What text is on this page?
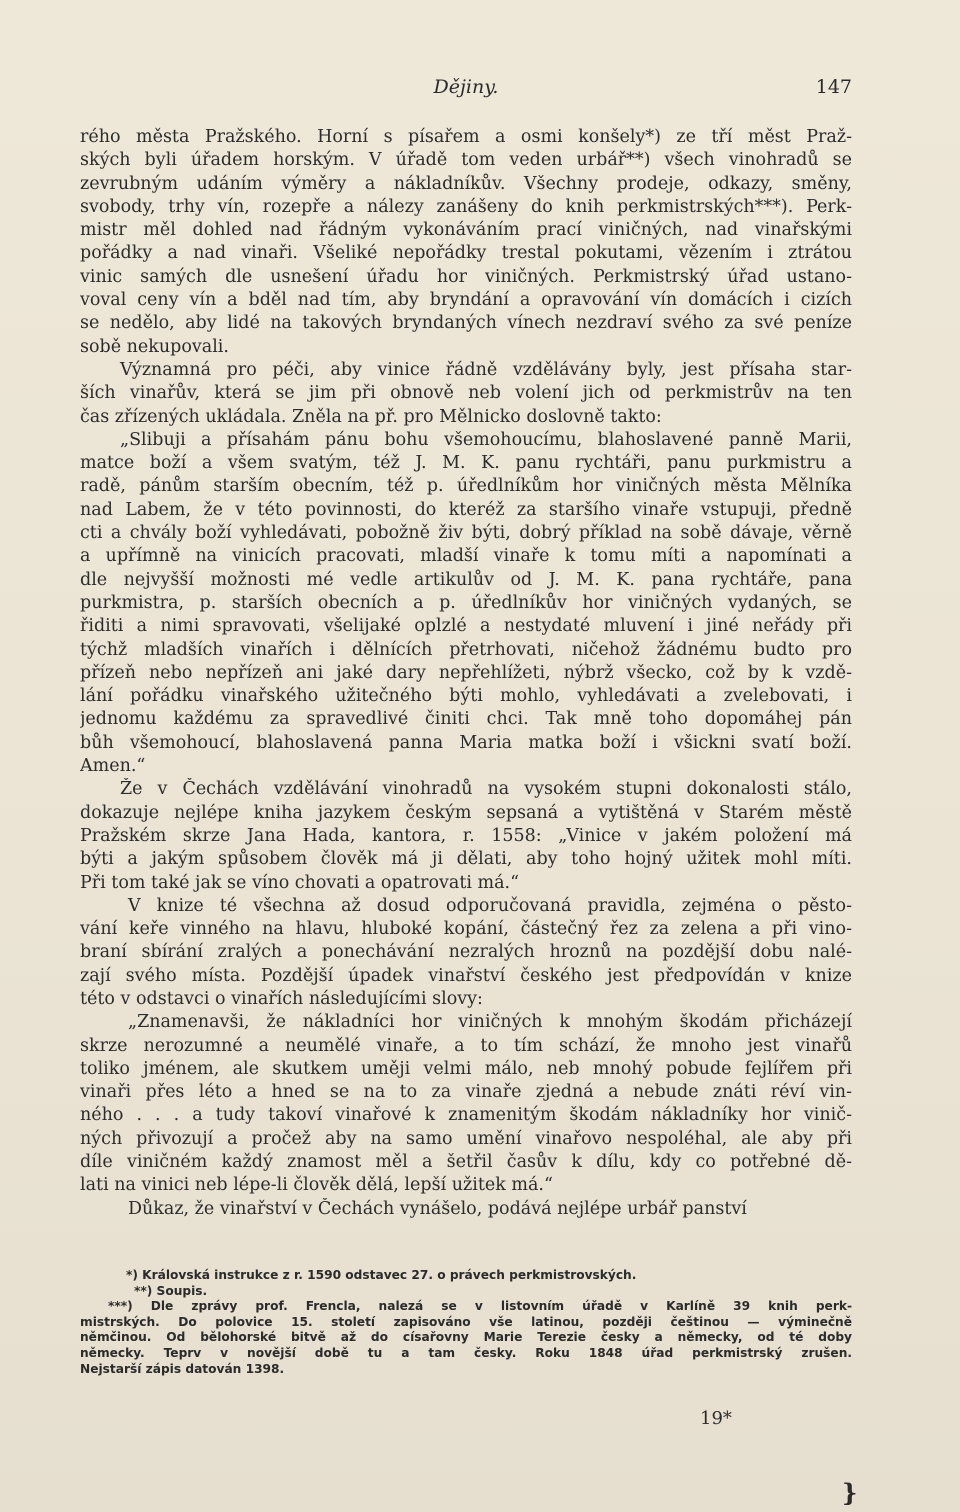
Dějiny.	147
rého města Pražského. Horní s písařem a osmi konšely*) ze tří měst Praž-
ských byli úřadem horským. V úřadě tom veden urbář**) všech vinohradů se
zevrubným udáním výměry a nákladníkův. Všechny prodeje, odkazy, směny,
svobody, trhy vín, rozepře a nálezy zanášeny do knih perkmistrských***). Perk-
mistr měl dohled nad řádným vykonáváním prací viničných, nad vinařskými
pořádky a nad vinaři. Všeliké nepořádky trestal pokutami, vězením i ztrátou
vinic samých dle usnešení úřadu hor viničných. Perkmistrský úřad ustano-
voval ceny vín a bděl nad tím, aby bryndání a opravování vín domácích i cizích
se nedělo, aby lidé na takových bryndaných vínech nezdraví svého za své peníze
sobě nekupovali.
Významná pro péči, aby vinice řádně vzdělávány byly, jest přísaha star-
ších vinařův, která se jim při obnově neb volení jich od perkmistrův na ten
čas zřízených ukládala. Zněla na př. pro Mělnicko doslovně takto:
„Slibuji a přísahám pánu bohu všemohoucímu, blahoslavené panně Marii,
matce boží a všem svatým, též J. M. K. panu rychtáři, panu purkmistru a
radě, pánům starším obecním, též p. úředlníkům hor viničných města Mělníka
nad Labem, že v této povinnosti, do kteréž za staršího vinaře vstupuji, předně
cti a chvály boží vyhledávati, pobožně živ býti, dobrý příklad na sobě dávaje, věrně
a upřímně na vinicích pracovati, mladší vinaře k tomu míti a napomínati a
dle nejvyšší možnosti mé vedle artikulův od J. M. K. pana rychtáře, pana
purkmistra, p. starších obecních a p. úředlníkův hor viničných vydaných, se
řiditi a nimi spravovati, všelijaké oplzlé a nestydaté mluvení i jiné neřády při
týchž mladších vinařích i dělnících přetrhovati, ničehož žádnému budto pro
přízeň nebo nepřízeň ani jaké dary nepřehlížeti, nýbrž všecko, což by k vzdě-
lání pořádku vinařského užitečného býti mohlo, vyhledávati a zvelebovati, i
jednomu každému za spravedlivé činiti chci. Tak mně toho dopomáhej pán
bůh všemohoucí, blahoslavená panna Maria matka boží i všickni svatí boží.
Amen.“
Že v Čechách vzdělávání vinohradů na vysokém stupni dokonalosti stálo,
dokazuje nejlépe kniha jazykem českým sepsaná a vytištěná v Starém městě
Pražském skrze Jana Hada, kantora, r. 1558: „Vinice v jakém položení má
býti a jakým spůsobem člověk má ji dělati, aby toho hojný užitek mohl míti.
Při tom také jak se víno chovati a opatrovati má.“
V knize té všechna až dosud odporučovaná pravidla, zejména o pěsto-
vání keře vinného na hlavu, hluboké kopání, částečný řez za zelena a při vino-
braní sbírání zralých a ponechávání nezralých hroznů na pozdější dobu nalé-
zají svého místa. Pozdější úpadek vinařství českého jest předpovídán v knize
této v odstavci o vinařích následujícími slovy:
„Znamenavši, že nákladníci hor viničných k mnohým škodám přicházejí
skrze nerozumné a neumělé vinaře, a to tím schází, že mnoho jest vinařů
toliko jménem, ale skutkem uměji velmi málo, neb mnohý pobude fejlířem při
vinaři přes léto a hned se na to za vinaře zjedná a nebude znáti réví vin-
ného . . . a tudy takoví vinařové k znamenitým škodám nákladníky hor vinič-
ných přivozují a pročež aby na samo umění vinařovo nespoléhal, ale aby při
díle viničném každý znamost měl a šetřil časův k dílu, kdy co potřebné dě-
lati na vinici neb lépe-li člověk dělá, lepší užitek má.“
Důkaz, že vinařství v Čechách vynášelo, podává nejlépe urbář panství
*) Královská instrukce z r. 1590 odstavec 27. o právech perkmistrovských.
**) Soupis.
***) Dle zprávy prof. Frencla, nalezá se v listovním úřadě v Karlíně 39 knih perk-
mistrských. Do polovice 15. století zapisováno vše latinou, později češtinou — výminečně
němčinou. Od bělohorské bitvě až do císařovny Marie Terezie česky a německy, od té doby
německy. Teprv v novější době tu a tam česky. Roku 1848 úřad perkmistrský zrušen.
Nejstarší zápis datován 1398.
19*
}
